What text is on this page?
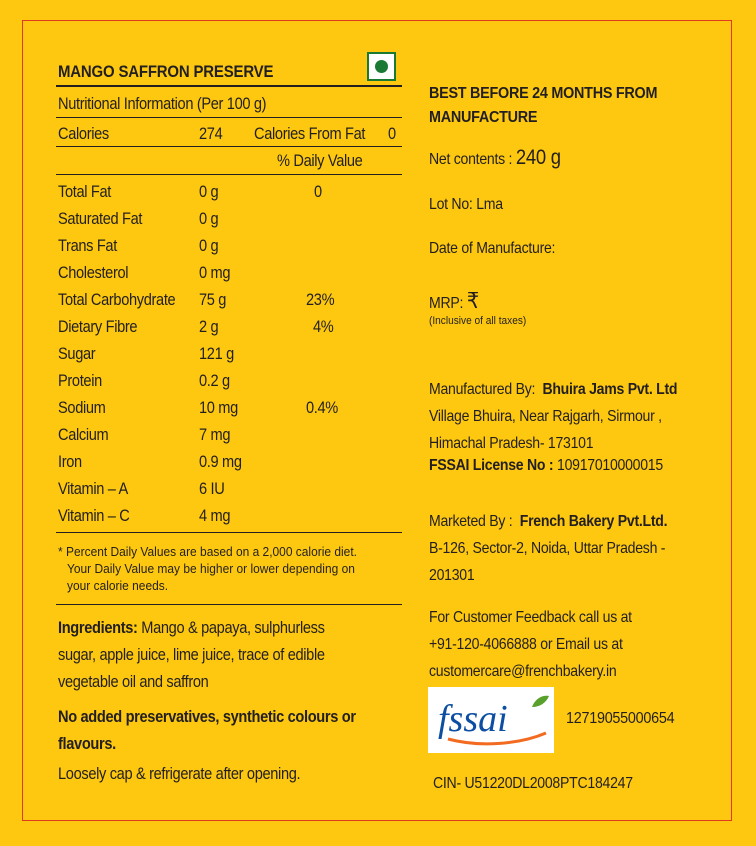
MANGO SAFFRON PRESERVE
Nutritional Information (Per 100 g)
Calories	274 Calories From Fat	0
% Daily Value
Total Fat	0 g	0
Saturated Fat	0 g
Trans Fat	0 g
Cholesterol	0 mg
Total Carbohydrate	75 g	23%
Dietary Fibre	2 g	4%
Sugar	121 g
Protein	0.2 g
Sodium	10 mg	0.4%
Calcium	7 mg
Iron	0.9 mg
Vitamin – A	6 IU
Vitamin – C	4 mg
* Percent Daily Values are based on a 2,000 calorie diet.
Your Daily Value may be higher or lower depending on
your calorie needs.
Ingredients: Mango & papaya, sulphurless
sugar, apple juice, lime juice, trace of edible
vegetable oil and saffron
No added preservatives, synthetic colours or
flavours.
Loosely cap & refrigerate after opening.
BEST BEFORE 24 MONTHS FROM
MANUFACTURE
Net contents : 240 g
Lot No: Lma
Date of Manufacture:
MRP: ₹
(Inclusive of all taxes)
Manufactured By: Bhuira Jams Pvt. Ltd
Village Bhuira, Near Rajgarh, Sirmour ,
Himachal Pradesh- 173101
FSSAI License No : 10917010000015
Marketed By : French Bakery Pvt.Ltd.
B-126, Sector-2, Noida, Uttar Pradesh -
201301
For Customer Feedback call us at
+91-120-4066888 or Email us at
customercare@frenchbakery.in
fssai	12719055000654
CIN- U51220DL2008PTC184247
